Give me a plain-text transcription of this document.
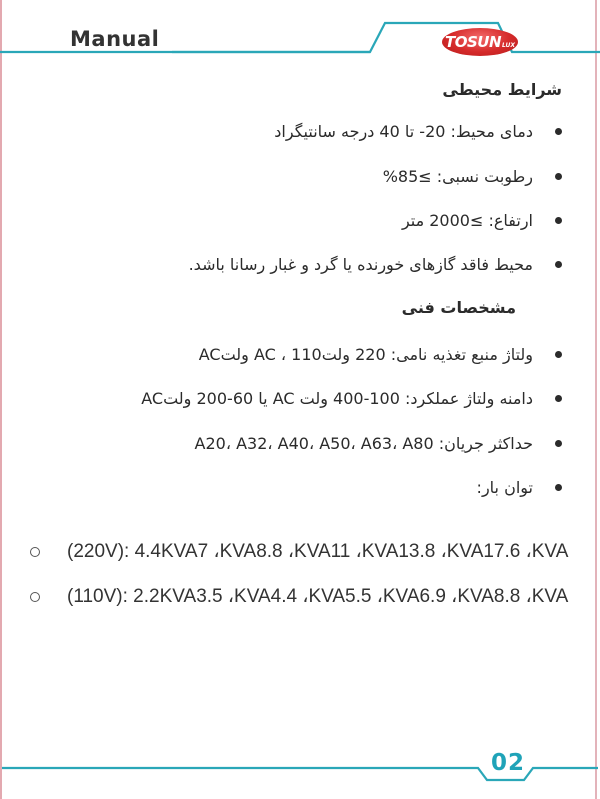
Manual	TOSUN LUX
شرایط محیطی
دمای محیط: 20- تا 40 درجه سانتیگراد
رطوبت نسبی: ≥85%
ارتفاع: ≥2000 متر
محیط فاقد گازهای خورنده یا گرد و غبار رسانا باشد.
مشخصات فنی
ولتاژ منبع تغذیه نامی: 220 ولتAC ، 110 ولتAC
دامنه ولتاژ عملکرد: 100-400 ولت AC یا 60-200 ولتAC
حداکثر جریان: A20، A32، A40، A50، A63، A80
توان بار:
(220V): 4.4KVA7 ،KVA8.8 ،KVA11 ،KVA13.8 ،KVA17.6 ،KVA
(110V): 2.2KVA3.5 ،KVA4.4 ،KVA5.5 ،KVA6.9 ،KVA8.8 ،KVA
02
